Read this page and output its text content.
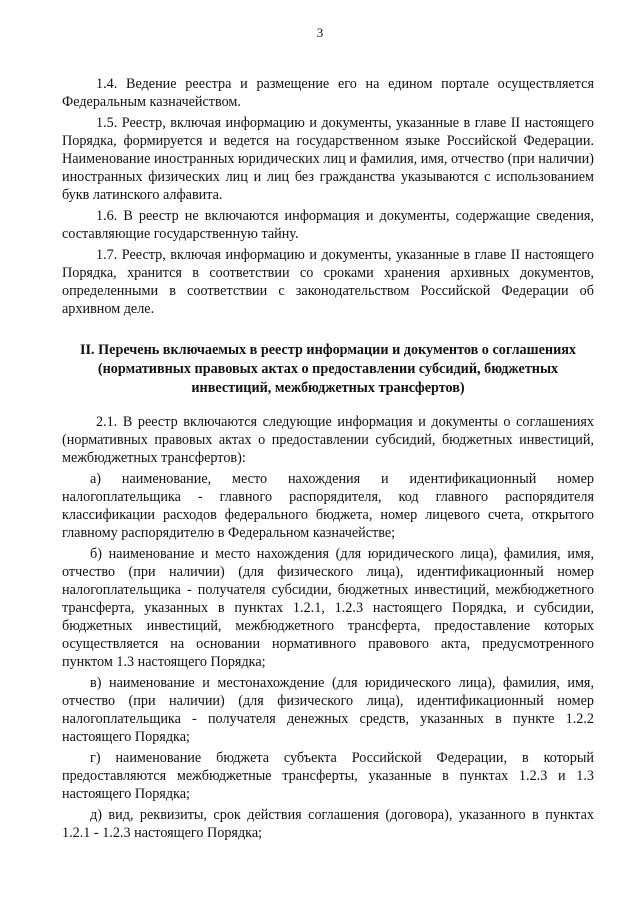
3

1.4. Ведение реестра и размещение его на едином портале осуществляется Федеральным казначейством.

1.5. Реестр, включая информацию и документы, указанные в главе II настоящего Порядка, формируется и ведется на государственном языке Российской Федерации. Наименование иностранных юридических лиц и фамилия, имя, отчество (при наличии) иностранных физических лиц и лиц без гражданства указываются с использованием букв латинского алфавита.

1.6. В реестр не включаются информация и документы, содержащие сведения, составляющие государственную тайну.

1.7. Реестр, включая информацию и документы, указанные в главе II настоящего Порядка, хранится в соответствии со сроками хранения архивных документов, определенными в соответствии с законодательством Российской Федерации об архивном деле.

II. Перечень включаемых в реестр информации и документов о соглашениях (нормативных правовых актах о предоставлении субсидий, бюджетных инвестиций, межбюджетных трансфертов)

2.1. В реестр включаются следующие информация и документы о соглашениях (нормативных правовых актах о предоставлении субсидий, бюджетных инвестиций, межбюджетных трансфертов):

а) наименование, место нахождения и идентификационный номер налогоплательщика - главного распорядителя, код главного распорядителя классификации расходов федерального бюджета, номер лицевого счета, открытого главному распорядителю в Федеральном казначействе;

б) наименование и место нахождения (для юридического лица), фамилия, имя, отчество (при наличии) (для физического лица), идентификационный номер налогоплательщика - получателя субсидии, бюджетных инвестиций, межбюджетного трансферта, указанных в пунктах 1.2.1, 1.2.3 настоящего Порядка, и субсидии, бюджетных инвестиций, межбюджетного трансферта, предоставление которых осуществляется на основании нормативного правового акта, предусмотренного пунктом 1.3 настоящего Порядка;

в) наименование и местонахождение (для юридического лица), фамилия, имя, отчество (при наличии) (для физического лица), идентификационный номер налогоплательщика - получателя денежных средств, указанных в пункте 1.2.2 настоящего Порядка;

г) наименование бюджета субъекта Российской Федерации, в который предоставляются межбюджетные трансферты, указанные в пунктах 1.2.3 и 1.3 настоящего Порядка;

д) вид, реквизиты, срок действия соглашения (договора), указанного в пунктах 1.2.1 - 1.2.3 настоящего Порядка;
